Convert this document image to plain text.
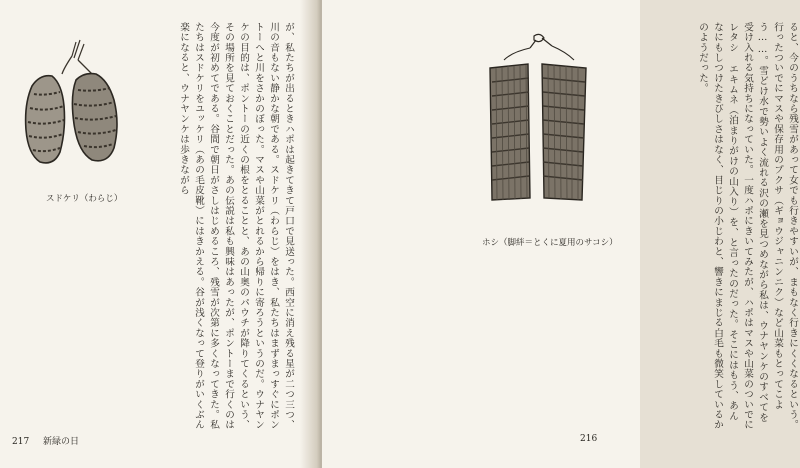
スドケリ（わらじ）
が、私たちが出るときハポは起きてきて戸口で見送った。西空に消え残る星が二つ三つ、川の音もない静かな朝である。スドケリ（わらじ）をはき、私たちはまずまっすぐにポントーへと川をさかのぼった。マスや山菜がとれるから帰りに寄ろうというのだ。ウナヤンケの目的は、ポントーの近くの根をとることと、あの山奥のパウチが降りてくるという、その場所を見ておくことだった。あの伝説は私も興味はあったが、ポントーまで行くのは今度が初めてである。谷間で朝日がさしはじめるころ、残雪が次第に多くなってきた。私たちはスドケリをユッケリ（あの毛皮靴）にはきかえる。谷が浅くなって登りがいくぶん楽になると、ウナヤンケは歩きながら
217 新緑の日
ると、今のうちなら残雪があって女でも行きやすいが、まもなく行きにくくなるという。行ったついでにマスや保存用のプクサ（ギョウジャニンニク）など山菜もとってこよう……。雪どけ水で勢いよく流れる沢の瀬を見つめながら私は、ウナヤンケのすべてを受け入れる気持ちになっていた。一度ハポにきいてみたが、ハポはマスや山菜のついでにレタシ エキムネ（泊まりがけの山入り）を、と言ったのだった。そこにはもう、あんなにもしつけたきびしさはなく、目じりの小じわと、響きにまじる白毛も微笑しているかのようだった。
ホシ（脚絆＝とくに夏用のサコシ）
216
